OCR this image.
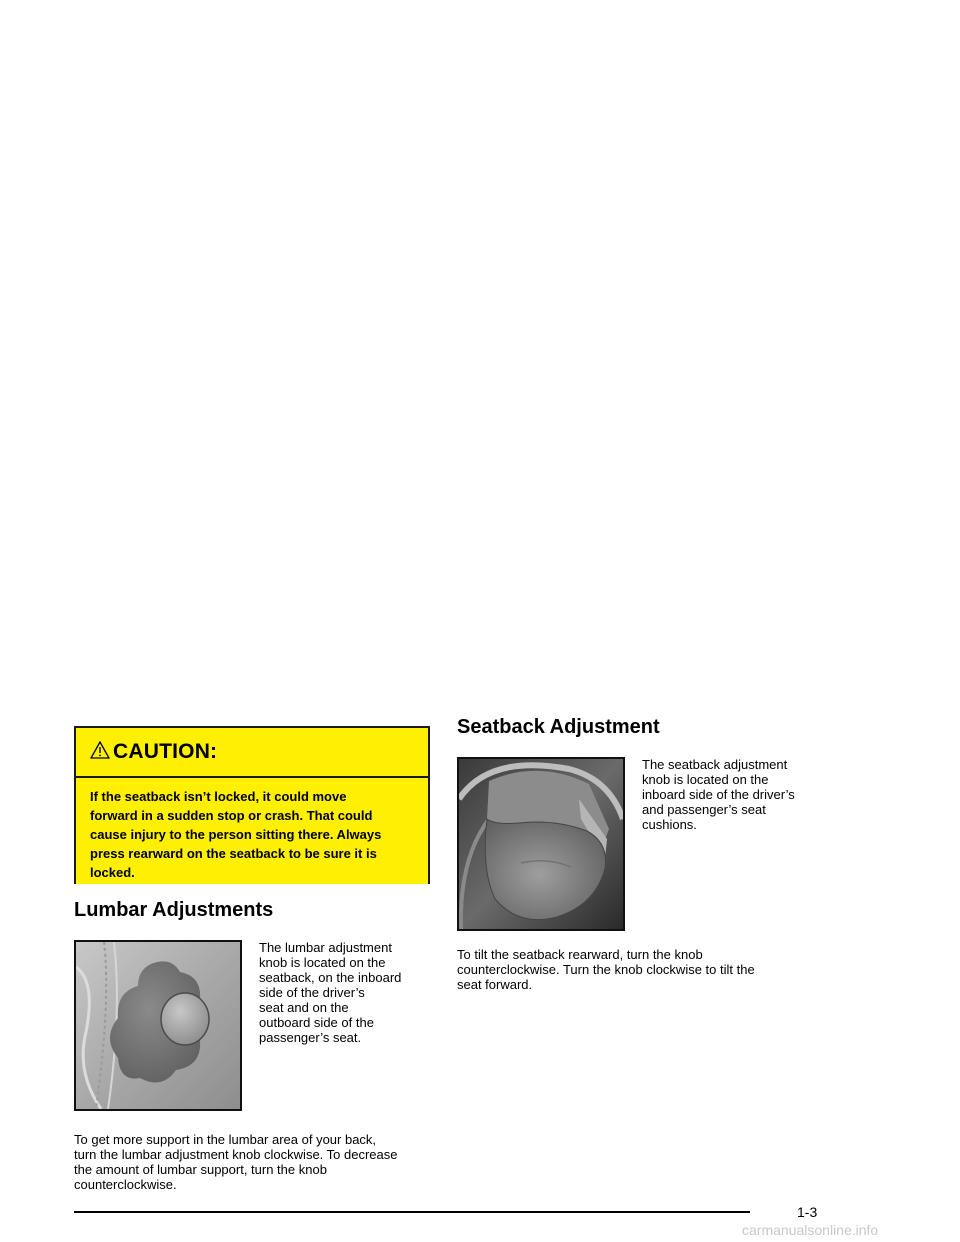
CAUTION:
If the seatback isn’t locked, it could move
forward in a sudden stop or crash. That could
cause injury to the person sitting there. Always
press rearward on the seatback to be sure it is
locked.
Lumbar Adjustments
The lumbar adjustment
knob is located on the
seatback, on the inboard
side of the driver’s
seat and on the
outboard side of the
passenger’s seat.
To get more support in the lumbar area of your back,
turn the lumbar adjustment knob clockwise. To decrease
the amount of lumbar support, turn the knob
counterclockwise.
Seatback Adjustment
The seatback adjustment
knob is located on the
inboard side of the driver’s
and passenger’s seat
cushions.
To tilt the seatback rearward, turn the knob
counterclockwise. Turn the knob clockwise to tilt the
seat forward.
1-3
carmanualsonline.info
